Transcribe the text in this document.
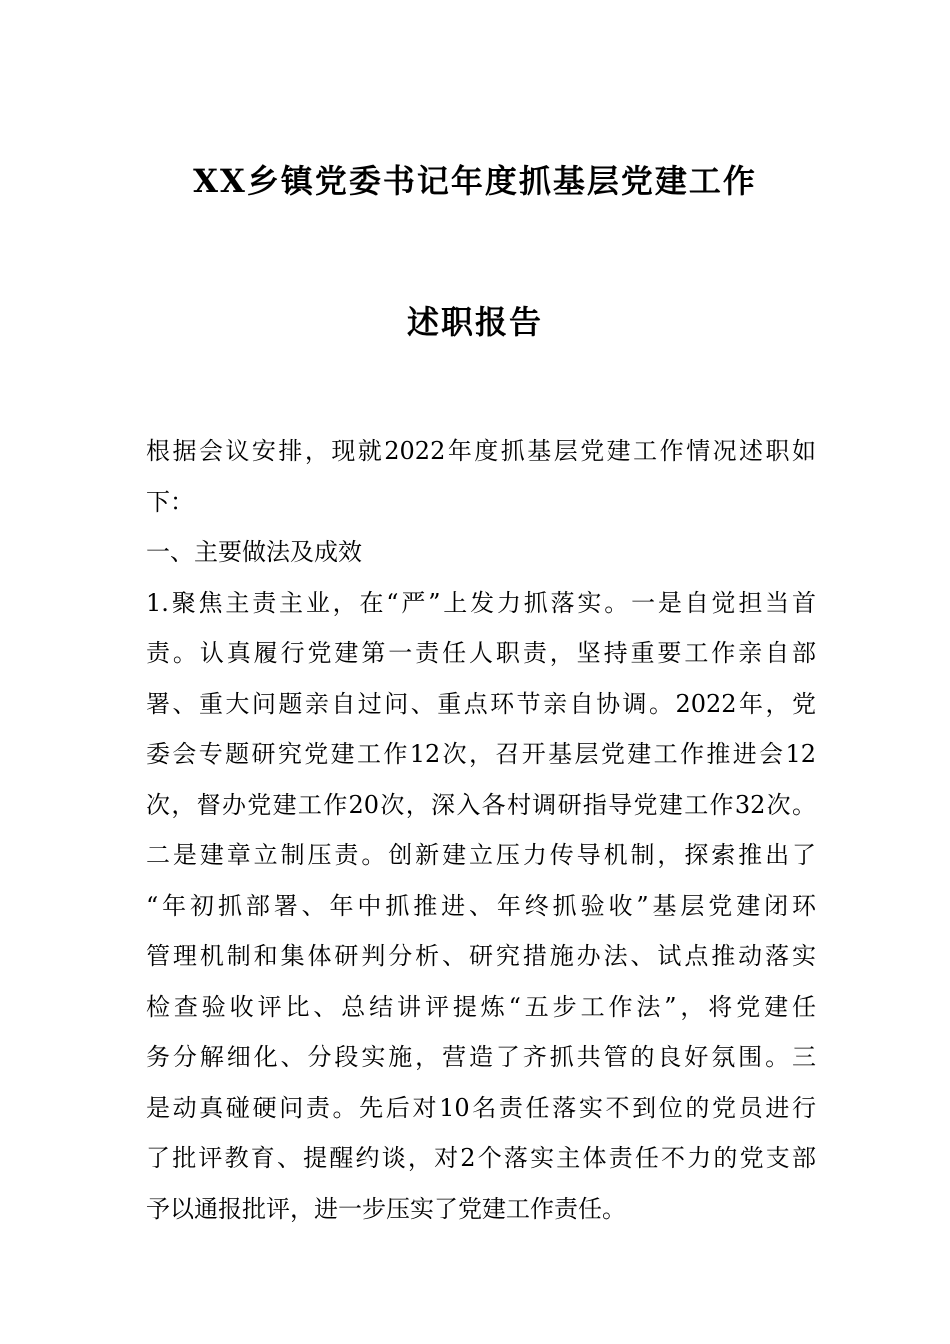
XX乡镇党委书记年度抓基层党建工作
述职报告
根据会议安排，现就2022年度抓基层党建工作情况述职如
下：
一、主要做法及成效
1.聚焦主责主业，在“严”上发力抓落实。一是自觉担当首
责。认真履行党建第一责任人职责，坚持重要工作亲自部
署、重大问题亲自过问、重点环节亲自协调。2022年，党
委会专题研究党建工作12次，召开基层党建工作推进会12
次，督办党建工作20次，深入各村调研指导党建工作32次。
二是建章立制压责。创新建立压力传导机制，探索推出了
“年初抓部署、年中抓推进、年终抓验收”基层党建闭环
管理机制和集体研判分析、研究措施办法、试点推动落实
检查验收评比、总结讲评提炼“五步工作法”，将党建任
务分解细化、分段实施，营造了齐抓共管的良好氛围。三
是动真碰硬问责。先后对10名责任落实不到位的党员进行
了批评教育、提醒约谈，对2个落实主体责任不力的党支部
予以通报批评，进一步压实了党建工作责任。
